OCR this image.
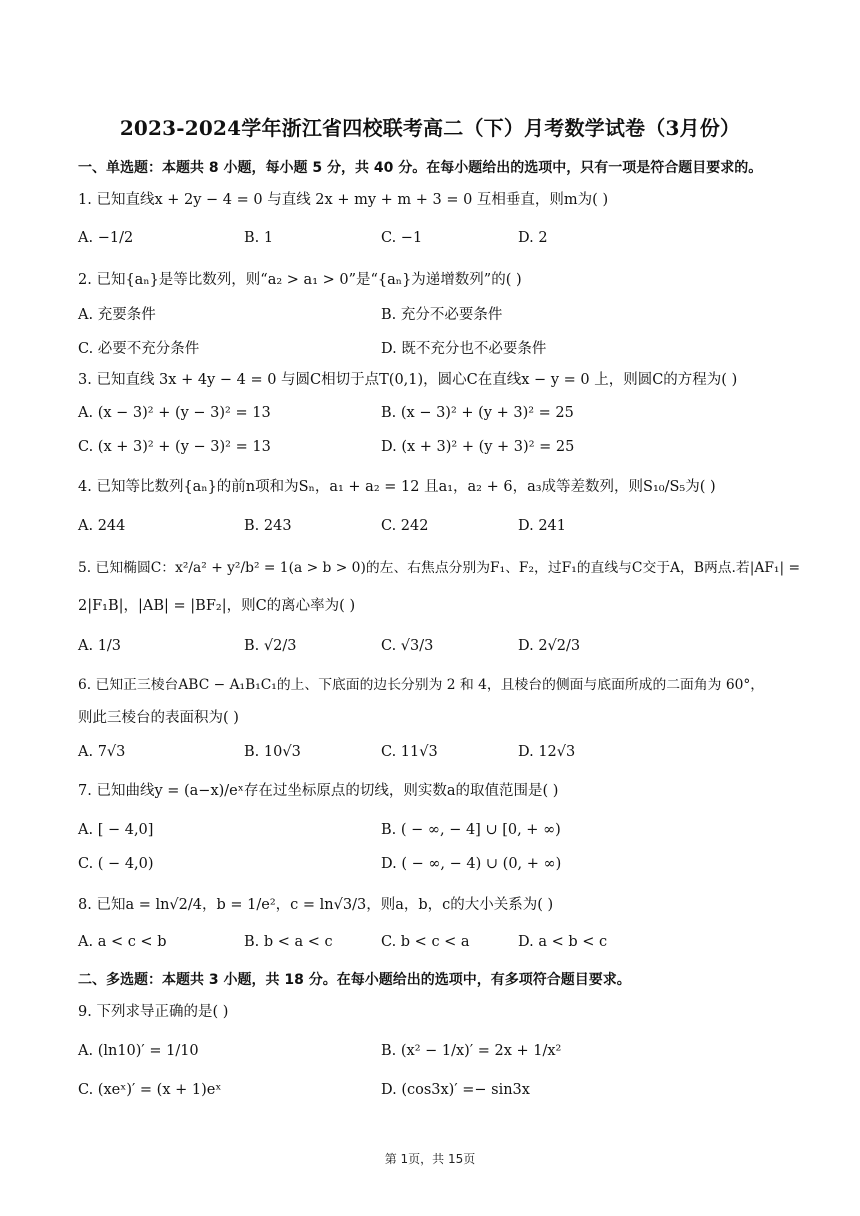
2023-2024学年浙江省四校联考高二（下）月考数学试卷（3月份）
一、单选题：本题共 8 小题，每小题 5 分，共 40 分。在每小题给出的选项中，只有一项是符合题目要求的。
1. 已知直线x + 2y − 4 = 0 与直线 2x + my + m + 3 = 0 互相垂直，则m为( )
A. −1/2	B. 1	C. −1	D. 2
2. 已知{aₙ}是等比数列，则“a₂ > a₁ > 0”是“{aₙ}为递增数列”的( )
A. 充要条件	B. 充分不必要条件
C. 必要不充分条件	D. 既不充分也不必要条件
3. 已知直线 3x + 4y − 4 = 0 与圆C相切于点T(0,1)，圆心C在直线x − y = 0 上，则圆C的方程为( )
A. (x − 3)² + (y − 3)² = 13	B. (x − 3)² + (y + 3)² = 25
C. (x + 3)² + (y − 3)² = 13	D. (x + 3)² + (y + 3)² = 25
4. 已知等比数列{aₙ}的前n项和为Sₙ，a₁ + a₂ = 12 且a₁，a₂ + 6，a₃成等差数列，则S₁₀/S₅为( )
A. 244	B. 243	C. 242	D. 241
5. 已知椭圆C：x²/a² + y²/b² = 1(a > b > 0)的左、右焦点分别为F₁、F₂，过F₁的直线与C交于A，B两点.若|AF₁| =
2|F₁B|，|AB| = |BF₂|，则C的离心率为( )
A. 1/3	B. √2/3	C. √3/3	D. 2√2/3
6. 已知正三棱台ABC − A₁B₁C₁的上、下底面的边长分别为 2 和 4，且棱台的侧面与底面所成的二面角为 60°，
则此三棱台的表面积为( )
A. 7√3	B. 10√3	C. 11√3	D. 12√3
7. 已知曲线y = (a−x)/eˣ存在过坐标原点的切线，则实数a的取值范围是( )
A. [ − 4,0]	B. ( − ∞, − 4] ∪ [0, + ∞)
C. ( − 4,0)	D. ( − ∞, − 4) ∪ (0, + ∞)
8. 已知a = ln√2/4，b = 1/e²，c = ln√3/3，则a，b，c的大小关系为( )
A. a < c < b	B. b < a < c	C. b < c < a	D. a < b < c
二、多选题：本题共 3 小题，共 18 分。在每小题给出的选项中，有多项符合题目要求。
9. 下列求导正确的是( )
A. (ln10)′ = 1/10	B. (x² − 1/x)′ = 2x + 1/x²
C. (xeˣ)′ = (x + 1)eˣ	D. (cos3x)′ =− sin3x
第 1页，共 15页
